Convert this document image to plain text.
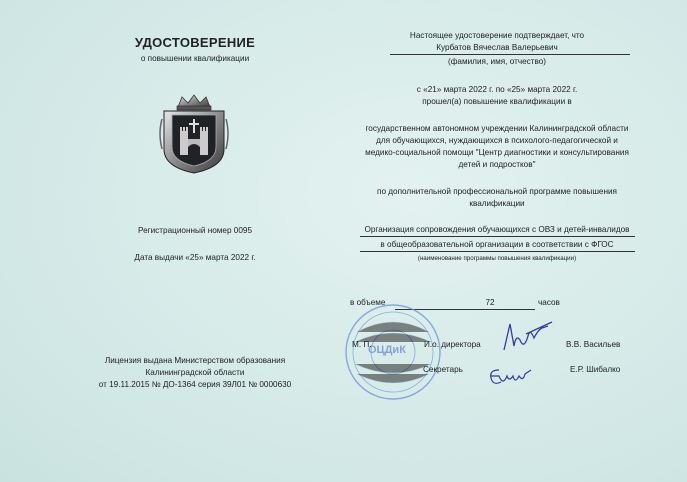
УДОСТОВЕРЕНИЕ
о повышении квалификации
Регистрационный номер 0095
Дата выдачи «25» марта 2022 г.
Лицензия выдана Министерством образования
Калининградской области
от 19.11.2015 № ДО-1364 серия 39Л01 № 0000630
Настоящее удостоверение подтверждает, что
Курбатов Вячеслав Валерьевич
(фамилия, имя, отчество)
с «21» марта 2022 г. по «25» марта 2022 г.
прошел(а) повышение квалификации в
государственном автономном учреждении Калининградской области
для обучающихся, нуждающихся в психолого-педагогической и
медико-социальной помощи "Центр диагностики и консультирования
детей и подростков"
по дополнительной профессиональной программе повышения
квалификации
Организация сопровождения обучающихся с ОВЗ и детей-инвалидов
в общеобразовательной организации в соответствии с ФГОС
(наименование программы повышения квалификации)
в объеме	72	часов
ОЦДиК
М. П.	И.о. директора	В.В. Васильев
Секретарь	Е.Р. Шибалко
